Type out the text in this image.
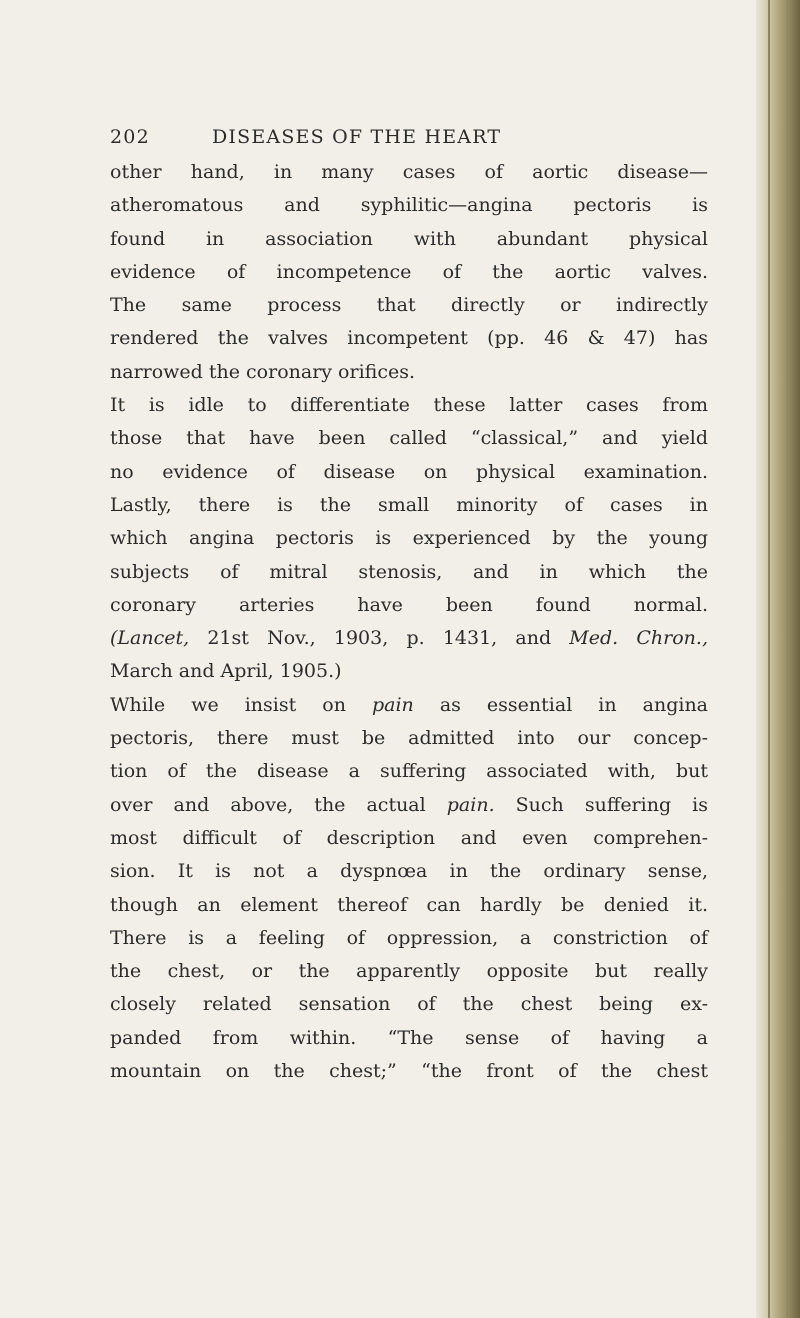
202	DISEASES OF THE HEART
other hand, in many cases of aortic disease—
atheromatous and syphilitic—angina pectoris is
found in association with abundant physical
evidence of incompetence of the aortic valves.
The same process that directly or indirectly
rendered the valves incompetent (pp. 46 & 47) has
narrowed the coronary orifices.
It is idle to differentiate these latter cases from
those that have been called “classical,” and yield
no evidence of disease on physical examination.
Lastly, there is the small minority of cases in
which angina pectoris is experienced by the young
subjects of mitral stenosis, and in which the
coronary arteries have been found normal.
(Lancet, 21st Nov., 1903, p. 1431, and Med. Chron.,
March and April, 1905.)
While we insist on pain as essential in angina
pectoris, there must be admitted into our concep-
tion of the disease a suffering associated with, but
over and above, the actual pain. Such suffering is
most difficult of description and even comprehen-
sion. It is not a dyspnœa in the ordinary sense,
though an element thereof can hardly be denied it.
There is a feeling of oppression, a constriction of
the chest, or the apparently opposite but really
closely related sensation of the chest being ex-
panded from within. “The sense of having a
mountain on the chest;” “the front of the chest
